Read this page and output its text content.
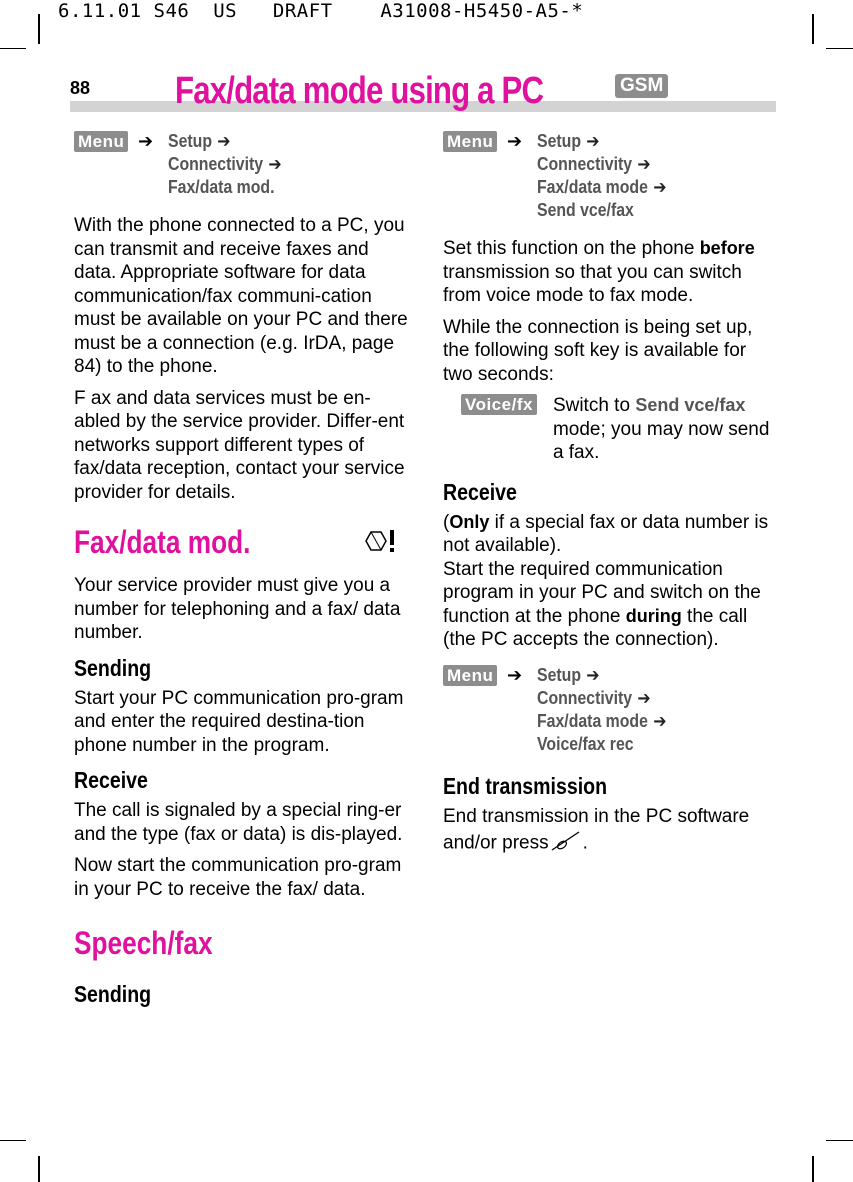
6.11.01 S46  US   DRAFT    A31008-H5450-A5-*
88 Fax/data mode using a PC	GSM
Menu ➔ Setup ➔
Connectivity ➔
Fax/data mod.

With the phone connected to a PC, you can transmit and receive faxes and data. Appropriate software for data communication/fax communi-cation must be available on your PC and there must be a connection (e.g. IrDA, page 84) to the phone.

F ax and data services must be en-abled by the service provider. Differ-ent networks support different types of fax/data reception, contact your service provider for details.

Fax/data mod.

Your service provider must give you a number for telephoning and a fax/ data number.

Sending

Start your PC communication pro-gram and enter the required destina-tion phone number in the program.

Receive

The call is signaled by a special ring-er and the type (fax or data) is dis-played.

Now start the communication pro-gram in your PC to receive the fax/ data.

Speech/fax
Sending
Menu ➔ Setup ➔
Connectivity ➔
Fax/data mode ➔
Send vce/fax

Set this function on the phone before transmission so that you can switch from voice mode to fax mode.

While the connection is being set up, the following soft key is available for two seconds:

Voice/fx Switch to Send vce/fax mode; you may now send a fax.
Receive

(Only if a special fax or data number is not available).
Start the required communication program in your PC and switch on the function at the phone during the call (the PC accepts the connection).

Menu ➔ Setup ➔
Connectivity ➔
Fax/data mode ➔
Voice/fax rec
End transmission

End transmission in the PC software and/or press .
